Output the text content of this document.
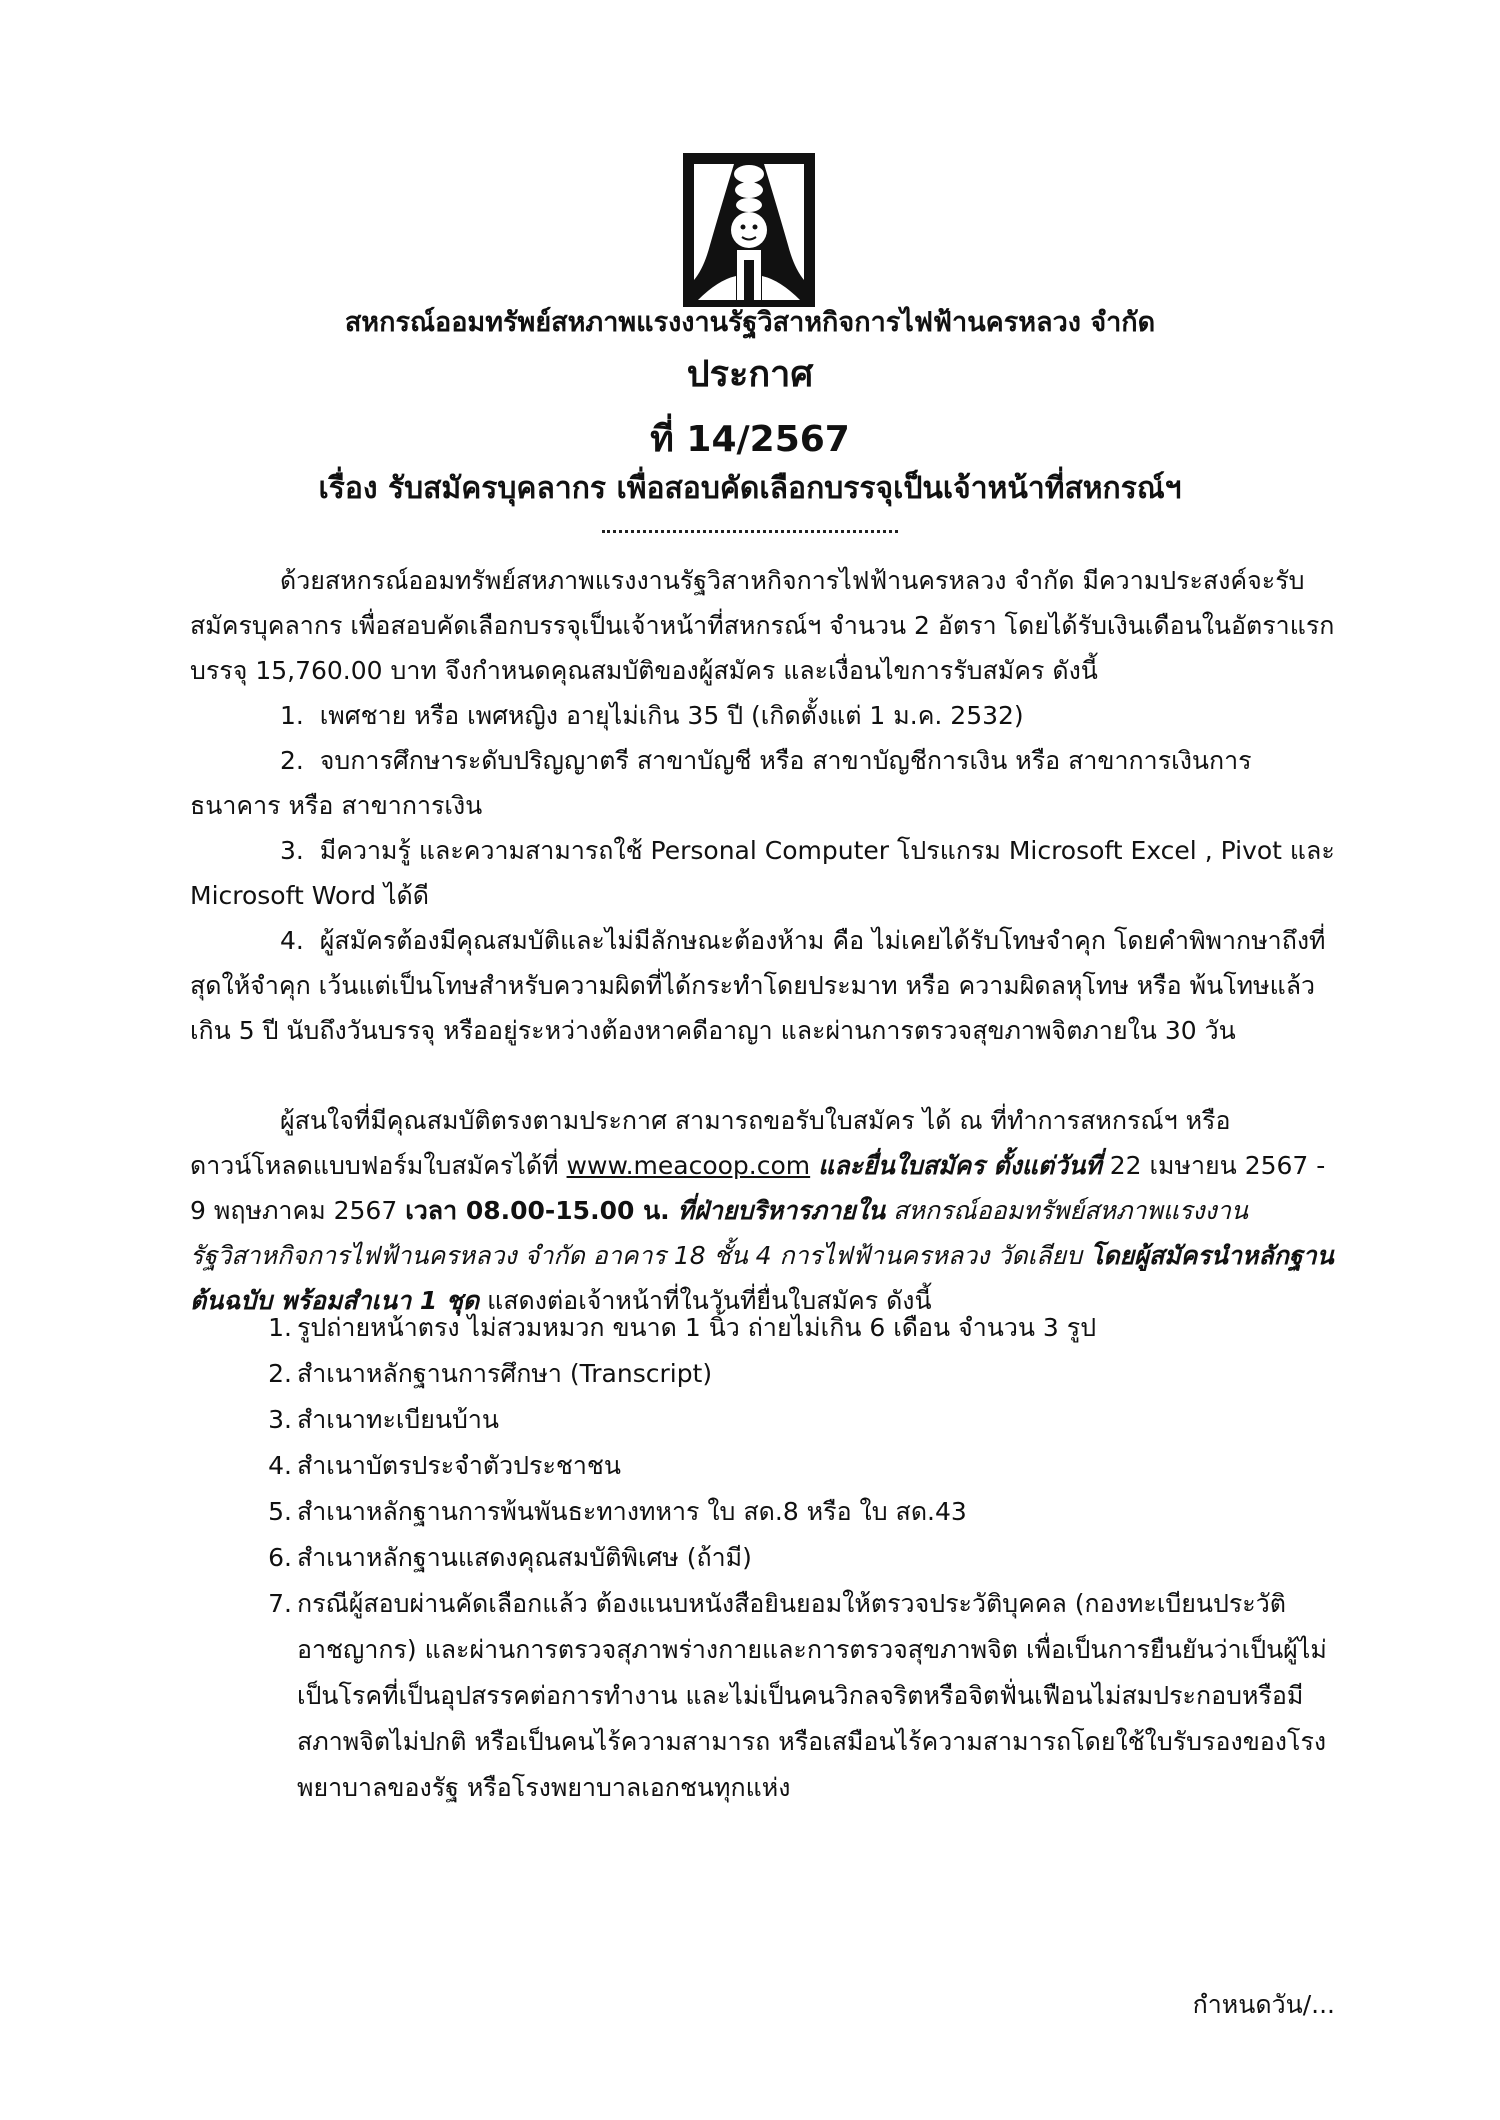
สหกรณ์ออมทรัพย์สหภาพแรงงานรัฐวิสาหกิจการไฟฟ้านครหลวง จำกัด
ประกาศ
ที่ 14/2567
เรื่อง รับสมัครบุคลากร เพื่อสอบคัดเลือกบรรจุเป็นเจ้าหน้าที่สหกรณ์ฯ

ด้วยสหกรณ์ออมทรัพย์สหภาพแรงงานรัฐวิสาหกิจการไฟฟ้านครหลวง จำกัด มีความประสงค์จะรับสมัครบุคลากร เพื่อสอบคัดเลือกบรรจุเป็นเจ้าหน้าที่สหกรณ์ฯ จำนวน 2 อัตรา โดยได้รับเงินเดือนในอัตราแรกบรรจุ 15,760.00 บาท จึงกำหนดคุณสมบัติของผู้สมัคร และเงื่อนไขการรับสมัคร ดังนี้

1. เพศชาย หรือ เพศหญิง อายุไม่เกิน 35 ปี (เกิดตั้งแต่ 1 ม.ค. 2532)

2. จบการศึกษาระดับปริญญาตรี สาขาบัญชี หรือ สาขาบัญชีการเงิน หรือ สาขาการเงินการธนาคาร หรือ สาขาการเงิน

3. มีความรู้ และความสามารถใช้ Personal Computer โปรแกรม Microsoft Excel , Pivot และ Microsoft Word ได้ดี

4. ผู้สมัครต้องมีคุณสมบัติและไม่มีลักษณะต้องห้าม คือ ไม่เคยได้รับโทษจำคุก โดยคำพิพากษาถึงที่สุดให้จำคุก เว้นแต่เป็นโทษสำหรับความผิดที่ได้กระทำโดยประมาท หรือ ความผิดลหุโทษ หรือ พ้นโทษแล้วเกิน 5 ปี นับถึงวันบรรจุ หรืออยู่ระหว่างต้องหาคดีอาญา และผ่านการตรวจสุขภาพจิตภายใน 30 วัน

ผู้สนใจที่มีคุณสมบัติตรงตามประกาศ สามารถขอรับใบสมัคร ได้ ณ ที่ทำการสหกรณ์ฯ หรือดาวน์โหลดแบบฟอร์มใบสมัครได้ที่ www.meacoop.com และยื่นใบสมัคร ตั้งแต่วันที่ 22 เมษายน 2567 - 9 พฤษภาคม 2567 เวลา 08.00-15.00 น. ที่ฝ่ายบริหารภายใน สหกรณ์ออมทรัพย์สหภาพแรงงานรัฐวิสาหกิจการไฟฟ้านครหลวง จำกัด อาคาร 18 ชั้น 4 การไฟฟ้านครหลวง วัดเลียบ โดยผู้สมัครนำหลักฐานต้นฉบับ พร้อมสำเนา 1 ชุด แสดงต่อเจ้าหน้าที่ในวันที่ยื่นใบสมัคร ดังนี้

1. รูปถ่ายหน้าตรง ไม่สวมหมวก ขนาด 1 นิ้ว ถ่ายไม่เกิน 6 เดือน จำนวน 3 รูป
2. สำเนาหลักฐานการศึกษา (Transcript)
3. สำเนาทะเบียนบ้าน
4. สำเนาบัตรประจำตัวประชาชน
5. สำเนาหลักฐานการพ้นพันธะทางทหาร ใบ สด.8 หรือ ใบ สด.43
6. สำเนาหลักฐานแสดงคุณสมบัติพิเศษ (ถ้ามี)
7. กรณีผู้สอบผ่านคัดเลือกแล้ว ต้องแนบหนังสือยินยอมให้ตรวจประวัติบุคคล (กองทะเบียนประวัติอาชญากร) และผ่านการตรวจสุภาพร่างกายและการตรวจสุขภาพจิต เพื่อเป็นการยืนยันว่าเป็นผู้ไม่เป็นโรคที่เป็นอุปสรรคต่อการทำงาน และไม่เป็นคนวิกลจริตหรือจิตฟั่นเฟือนไม่สมประกอบหรือมีสภาพจิตไม่ปกติ หรือเป็นคนไร้ความสามารถ หรือเสมือนไร้ความสามารถโดยใช้ใบรับรองของโรงพยาบาลของรัฐ หรือโรงพยาบาลเอกชนทุกแห่ง
กำหนดวัน/...
